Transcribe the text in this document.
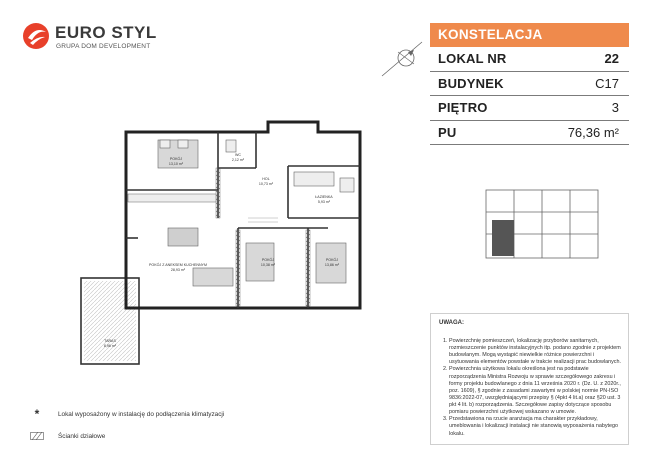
EURO STYL
GRUPA DOM DEVELOPMENT
KONSTELACJA
LOKAL NR	22
BUDYNEK	C17
PIĘTRO	3
PU	76,36 m²
POKÓJ
13,10 m²
WC
2,12 m²
HOL
10,73 m²
ŁAZIENKA
5,93 m²
POKÓJ Z ANEKSEM KUCHENNYM
28,93 m²
POKÓJ
10,38 m²
POKÓJ
13,86 m²
TARAS
8,96 m²
UWAGA:
1. Powierzchnię pomieszczeń, lokalizację przyborów sanitarnych, rozmieszczenie punktów instalacyjnych itp. podano zgodnie z projektem budowlanym. Mogą wystąpić niewielkie różnice powierzchni i usytuowania elementów powstałe w trakcie realizacji prac budowlanych.
2. Powierzchnia użytkowa lokalu określona jest na podstawie rozporządzenia Ministra Rozwoju w sprawie szczegółowego zakresu i formy projektu budowlanego z dnia 11 września 2020 r. (Dz. U. z 2020r., poz. 1609), § zgodnie z zasadami zawartymi w polskiej normie PN-ISO 9836:2022-07, uwzględniającymi przepisy § (4pkt 4 lit.a) oraz §20 ust. 3 pkt 4 lit. b) rozporządzenia. Szczegółowe zapisy dotyczące sposobu pomiaru powierzchni użytkowej wskazano w umowie.
3. Przedstawiona na rzucie aranżacja ma charakter przykładowy, umeblowania i lokalizacji instalacji nie stanowią wyposażenia nabytego lokalu.
*	Lokal wyposażony w instalację do podłączenia klimatyzacji
Ścianki działowe
